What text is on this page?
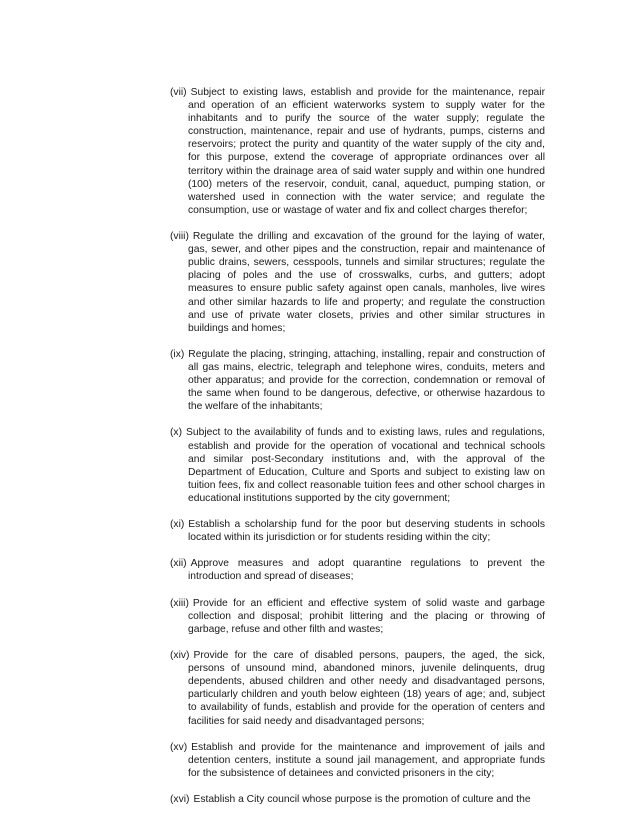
(vii) Subject to existing laws, establish and provide for the maintenance, repair and operation of an efficient waterworks system to supply water for the inhabitants and to purify the source of the water supply; regulate the construction, maintenance, repair and use of hydrants, pumps, cisterns and reservoirs; protect the purity and quantity of the water supply of the city and, for this purpose, extend the coverage of appropriate ordinances over all territory within the drainage area of said water supply and within one hundred (100) meters of the reservoir, conduit, canal, aqueduct, pumping station, or watershed used in connection with the water service; and regulate the consumption, use or wastage of water and fix and collect charges therefor;
(viii) Regulate the drilling and excavation of the ground for the laying of water, gas, sewer, and other pipes and the construction, repair and maintenance of public drains, sewers, cesspools, tunnels and similar structures; regulate the placing of poles and the use of crosswalks, curbs, and gutters; adopt measures to ensure public safety against open canals, manholes, live wires and other similar hazards to life and property; and regulate the construction and use of private water closets, privies and other similar structures in buildings and homes;
(ix) Regulate the placing, stringing, attaching, installing, repair and construction of all gas mains, electric, telegraph and telephone wires, conduits, meters and other apparatus; and provide for the correction, condemnation or removal of the same when found to be dangerous, defective, or otherwise hazardous to the welfare of the inhabitants;
(x) Subject to the availability of funds and to existing laws, rules and regulations, establish and provide for the operation of vocational and technical schools and similar post-Secondary institutions and, with the approval of the Department of Education, Culture and Sports and subject to existing law on tuition fees, fix and collect reasonable tuition fees and other school charges in educational institutions supported by the city government;
(xi) Establish a scholarship fund for the poor but deserving students in schools located within its jurisdiction or for students residing within the city;
(xii) Approve measures and adopt quarantine regulations to prevent the introduction and spread of diseases;
(xiii) Provide for an efficient and effective system of solid waste and garbage collection and disposal; prohibit littering and the placing or throwing of garbage, refuse and other filth and wastes;
(xiv) Provide for the care of disabled persons, paupers, the aged, the sick, persons of unsound mind, abandoned minors, juvenile delinquents, drug dependents, abused children and other needy and disadvantaged persons, particularly children and youth below eighteen (18) years of age; and, subject to availability of funds, establish and provide for the operation of centers and facilities for said needy and disadvantaged persons;
(xv) Establish and provide for the maintenance and improvement of jails and detention centers, institute a sound jail management, and appropriate funds for the subsistence of detainees and convicted prisoners in the city;
(xvi) Establish a City council whose purpose is the promotion of culture and the
